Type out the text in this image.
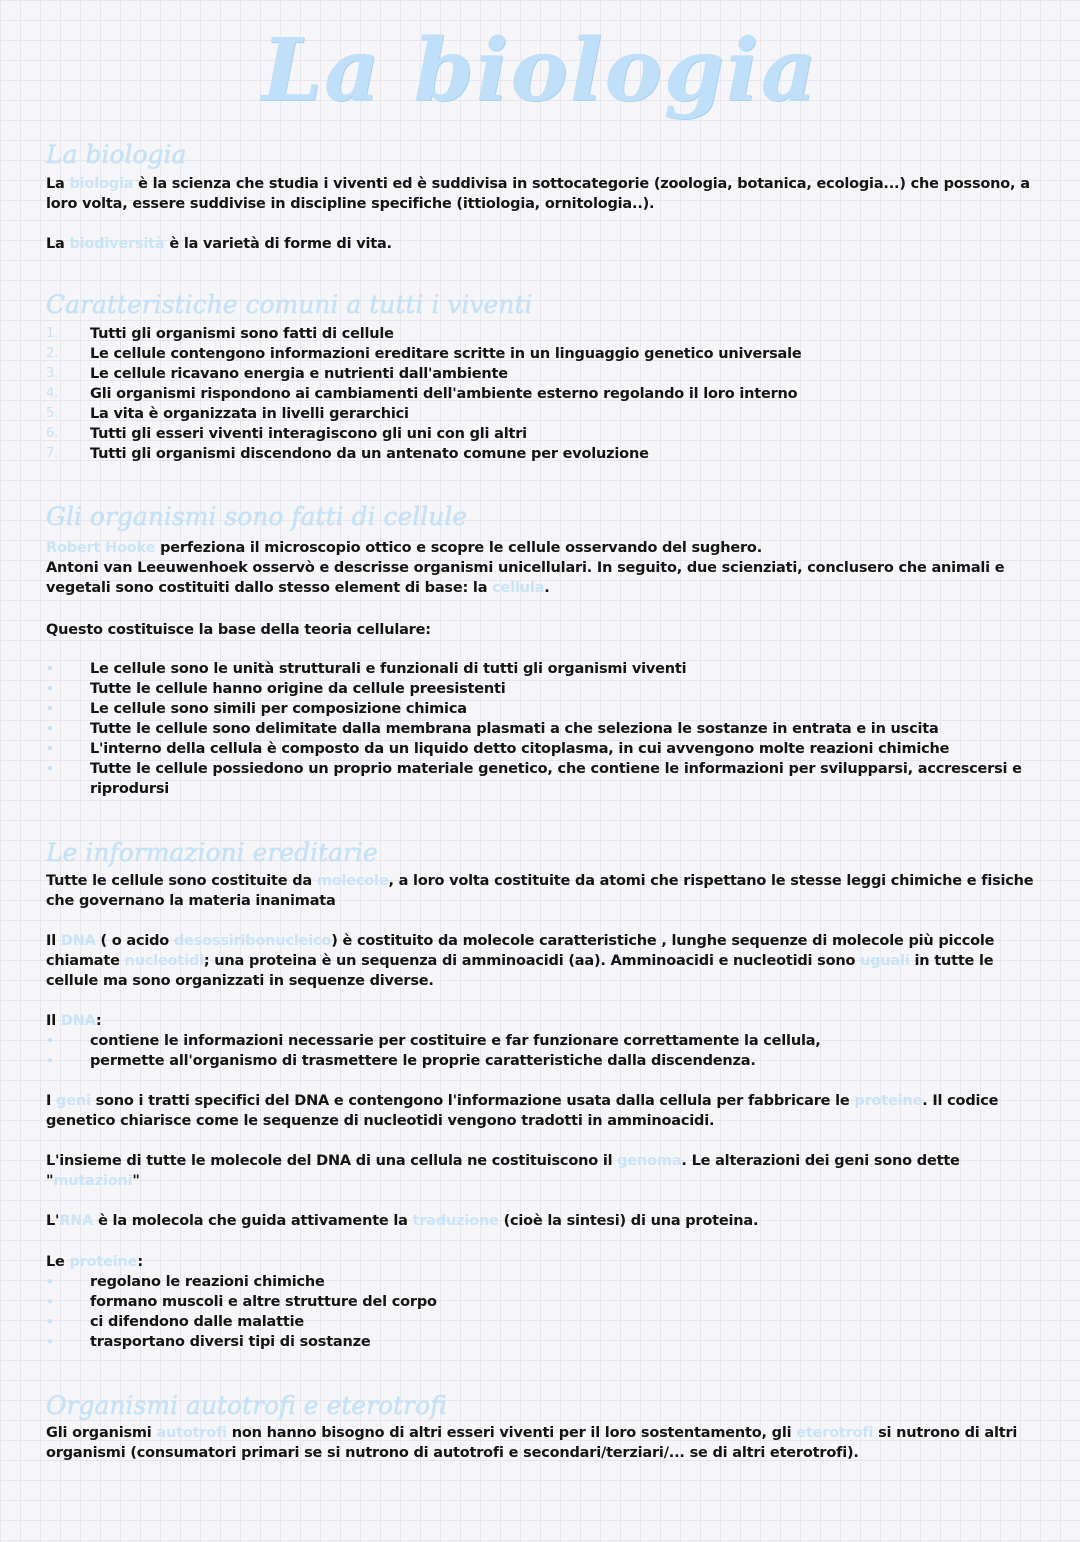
La biologia
La biologia
La biologia è la scienza che studia i viventi ed è suddivisa in sottocategorie (zoologia, botanica, ecologia...) che possono, a loro volta, essere suddivise in discipline specifiche (ittiologia, ornitologia..).
La biodiversità è la varietà di forme di vita.
Caratteristiche comuni a tutti i viventi
1. Tutti gli organismi sono fatti di cellule
2. Le cellule contengono informazioni ereditare scritte in un linguaggio genetico universale
3. Le cellule ricavano energia e nutrienti dall'ambiente
4. Gli organismi rispondono ai cambiamenti dell'ambiente esterno regolando il loro interno
5. La vita è organizzata in livelli gerarchici
6. Tutti gli esseri viventi interagiscono gli uni con gli altri
7. Tutti gli organismi discendono da un antenato comune per evoluzione
Gli organismi sono fatti di cellule
Robert Hooke perfeziona il microscopio ottico e scopre le cellule osservando del sughero.
Antoni van Leeuwenhoek osservò e descrisse organismi unicellulari. In seguito, due scienziati, conclusero che animali e vegetali sono costituiti dallo stesso element di base: la cellula.
Questo costituisce la base della teoria cellulare:
•	Le cellule sono le unità strutturali e funzionali di tutti gli organismi viventi
•	Tutte le cellule hanno origine da cellule preesistenti
•	Le cellule sono simili per composizione chimica
•	Tutte le cellule sono delimitate dalla membrana plasmati a che seleziona le sostanze in entrata e in uscita
•	L'interno della cellula è composto da un liquido detto citoplasma, in cui avvengono molte reazioni chimiche
•	Tutte le cellule possiedono un proprio materiale genetico, che contiene le informazioni per svilupparsi, accrescersi e riprodursi
Le informazioni ereditarie
Tutte le cellule sono costituite da molecole, a loro volta costituite da atomi che rispettano le stesse leggi chimiche e fisiche che governano la materia inanimata
Il DNA ( o acido desossiribonucleico) è costituito da molecole caratteristiche , lunghe sequenze di molecole più piccole chiamate nucleotidi; una proteina è un sequenza di amminoacidi (aa). Amminoacidi e nucleotidi sono uguali in tutte le cellule ma sono organizzati in sequenze diverse.
Il DNA:
•	contiene le informazioni necessarie per costituire e far funzionare correttamente la cellula,
•	permette all'organismo di trasmettere le proprie caratteristiche dalla discendenza.
I geni sono i tratti specifici del DNA e contengono l'informazione usata dalla cellula per fabbricare le proteine. Il codice genetico chiarisce come le sequenze di nucleotidi vengono tradotti in amminoacidi.
L'insieme di tutte le molecole del DNA di una cellula ne costituiscono il genoma. Le alterazioni dei geni sono dette "mutazioni"
L'RNA è la molecola che guida attivamente la traduzione (cioè la sintesi) di una proteina.
Le proteine:
•	regolano le reazioni chimiche
•	formano muscoli e altre strutture del corpo
•	ci difendono dalle malattie
•	trasportano diversi tipi di sostanze
Organismi autotrofi e eterotrofi
Gli organismi autotrofi non hanno bisogno di altri esseri viventi per il loro sostentamento, gli eterotrofi si nutrono di altri organismi (consumatori primari se si nutrono di autotrofi e secondari/terziari/... se di altri eterotrofi).
